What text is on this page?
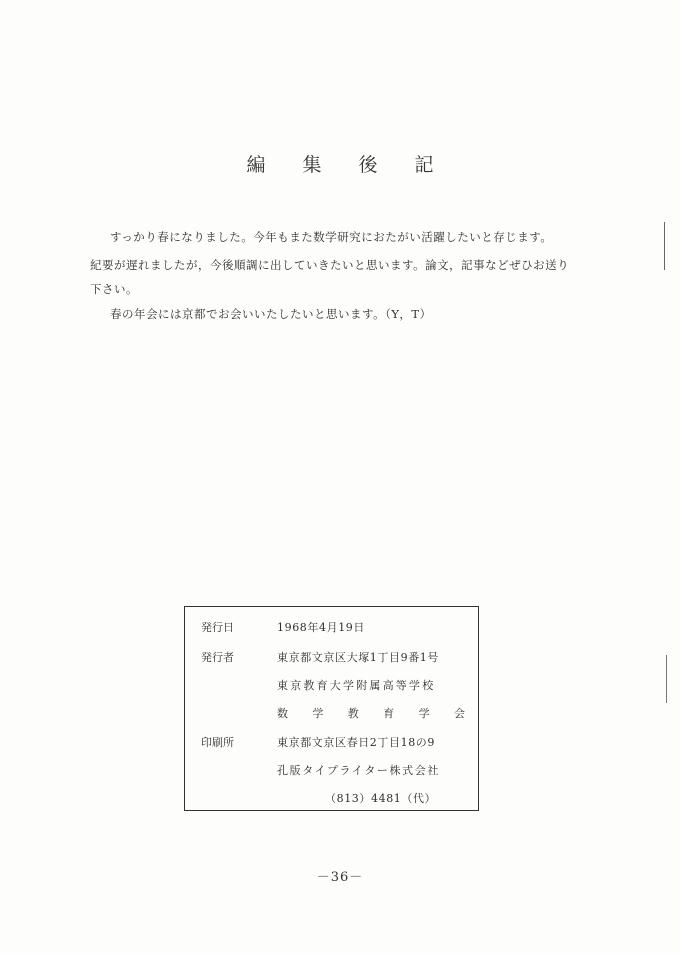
編	集	後	記
すっかり春になりました。今年もまた数学研究におたがい活躍したいと存じます。
紀要が遅れましたが，今後順調に出していきたいと思います。論文，記事などぜひお送り
下さい。
春の年会には京都でお会いいたしたいと思います。（Y，T）
発行日	1968年4月19日
発行者	東京都文京区大塚1丁目9番1号
東京教育大学附属高等学校
数 学 教 育 学 会
印刷所	東京都文京区春日2丁目18の9
孔版タイプライター株式会社
（813）4481（代）
－36－
